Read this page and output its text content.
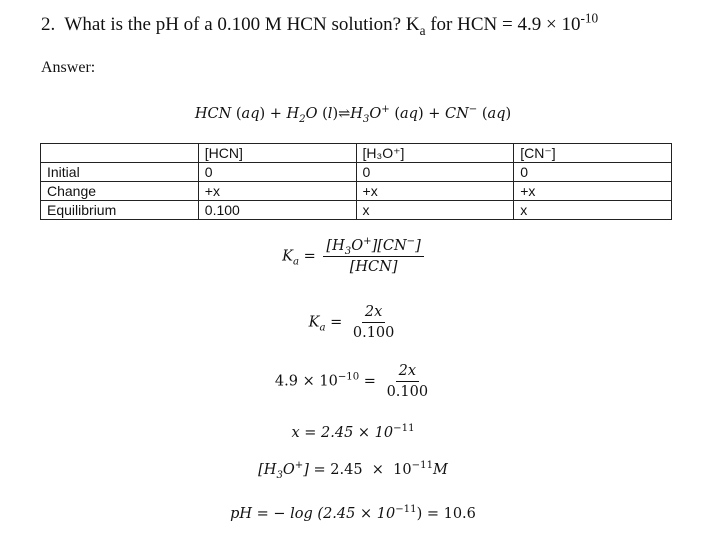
2. What is the pH of a 0.100 M HCN solution? $K_a$ for HCN = $4.9 \times 10^{-10}$
Answer:
HCN $(aq) + H_2O$ $(l)\rightleftharpoons H_3O^+$ (aq) + CN− (aq)
	[HCN]	[H₃O⁺]	[CN⁻]
Initial	0	0	0
Change	+x	+x	+x
Equilibrium	0.100	x	x
$K_a = \frac{[H_3O^+][CN^-]}{\text{[HCN]}}$
$K_a = \frac{2x}{0.100}$
$4.9 \times 10^{-10} = \frac{2x}{0.100}$
$x = 2.45 \times 10^{-11}$
$[H_3O^+] = 2.45 \times 10^{-11}M$
pH = − $\log (2.45 \times 10^{-11}) = 10.6$
